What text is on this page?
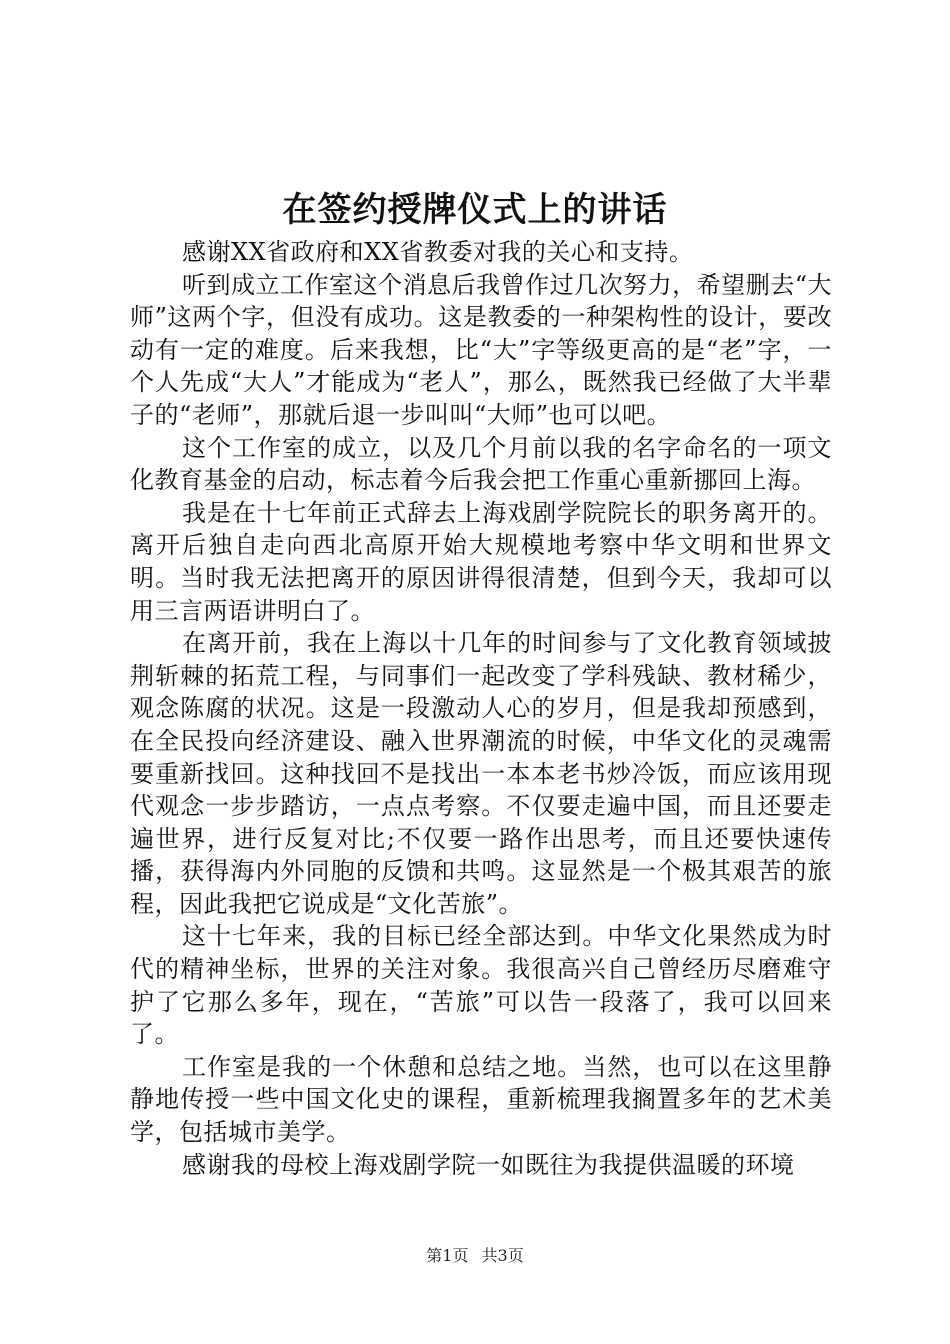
在签约授牌仪式上的讲话

感谢XX省政府和XX省教委对我的关心和支持。

听到成立工作室这个消息后我曾作过几次努力，希望删去“大师”这两个字，但没有成功。这是教委的一种架构性的设计，要改动有一定的难度。后来我想，比“大”字等级更高的是“老”字，一个人先成“大人”才能成为“老人”，那么，既然我已经做了大半辈子的“老师”，那就后退一步叫叫“大师”也可以吧。

这个工作室的成立，以及几个月前以我的名字命名的一项文化教育基金的启动，标志着今后我会把工作重心重新挪回上海。

我是在十七年前正式辞去上海戏剧学院院长的职务离开的。离开后独自走向西北高原开始大规模地考察中华文明和世界文明。当时我无法把离开的原因讲得很清楚，但到今天，我却可以用三言两语讲明白了。

在离开前，我在上海以十几年的时间参与了文化教育领域披荆斩棘的拓荒工程，与同事们一起改变了学科残缺、教材稀少，观念陈腐的状况。这是一段激动人心的岁月，但是我却预感到，在全民投向经济建设、融入世界潮流的时候，中华文化的灵魂需要重新找回。这种找回不是找出一本本老书炒冷饭，而应该用现代观念一步步踏访，一点点考察。不仅要走遍中国，而且还要走遍世界，进行反复对比;不仅要一路作出思考，而且还要快速传播，获得海内外同胞的反馈和共鸣。这显然是一个极其艰苦的旅程，因此我把它说成是“文化苦旅”。

这十七年来，我的目标已经全部达到。中华文化果然成为时代的精神坐标，世界的关注对象。我很高兴自己曾经历尽磨难守护了它那么多年，现在，“苦旅”可以告一段落了，我可以回来了。

工作室是我的一个休憩和总结之地。当然，也可以在这里静静地传授一些中国文化史的课程，重新梳理我搁置多年的艺术美学，包括城市美学。

感谢我的母校上海戏剧学院一如既往为我提供温暖的环境

第1页 共3页
